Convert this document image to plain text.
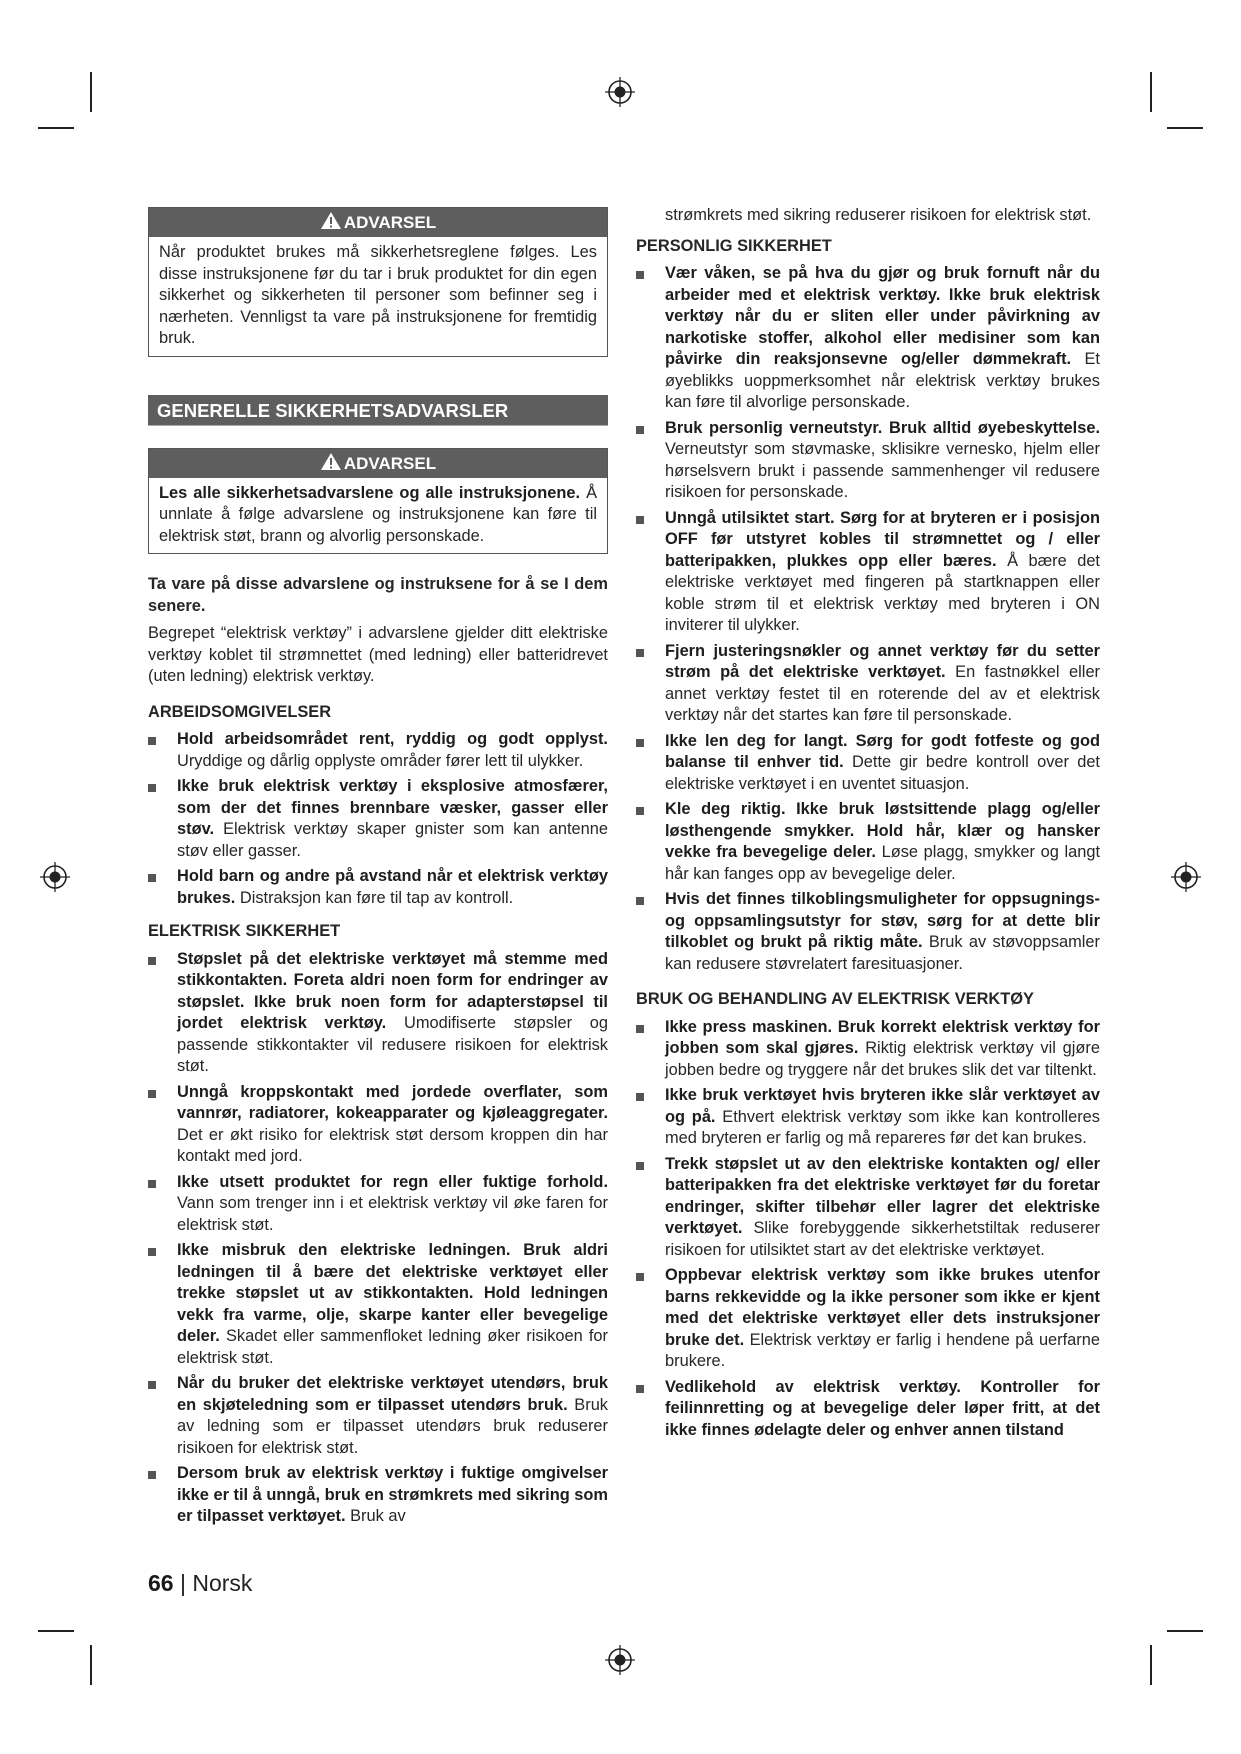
ADVARSEL
Når produktet brukes må sikkerhetsreglene følges. Les disse instruksjonene før du tar i bruk produktet for din egen sikkerhet og sikkerheten til personer som befinner seg i nærheten. Vennligst ta vare på instruksjonene for fremtidig bruk.
GENERELLE SIKKERHETSADVARSLER
ADVARSEL
Les alle sikkerhetsadvarslene og alle instruksjonene. Å unnlate å følge advarslene og instruksjonene kan føre til elektrisk støt, brann og alvorlig personskade.

Ta vare på disse advarslene og instruksene for å se I dem senere.

Begrepet “elektrisk verktøy” i advarslene gjelder ditt elektriske verktøy koblet til strømnettet (med ledning) eller batteridrevet (uten ledning) elektrisk verktøy.

ARBEIDSOMGIVELSER

Hold arbeidsområdet rent, ryddig og godt opplyst. Uryddige og dårlig opplyste områder fører lett til ulykker.
Ikke bruk elektrisk verktøy i eksplosive atmosfærer, som der det finnes brennbare væsker, gasser eller støv. Elektrisk verktøy skaper gnister som kan antenne støv eller gasser.
Hold barn og andre på avstand når et elektrisk verktøy brukes. Distraksjon kan føre til tap av kontroll.

ELEKTRISK SIKKERHET

Støpslet på det elektriske verktøyet må stemme med stikkontakten. Foreta aldri noen form for endringer av støpslet. Ikke bruk noen form for adapterstøpsel til jordet elektrisk verktøy. Umodifiserte støpsler og passende stikkontakter vil redusere risikoen for elektrisk støt.
Unngå kroppskontakt med jordede overflater, som vannrør, radiatorer, kokeapparater og kjøleaggregater. Det er økt risiko for elektrisk støt dersom kroppen din har kontakt med jord.
Ikke utsett produktet for regn eller fuktige forhold. Vann som trenger inn i et elektrisk verktøy vil øke faren for elektrisk støt.
Ikke misbruk den elektriske ledningen. Bruk aldri ledningen til å bære det elektriske verktøyet eller trekke støpslet ut av stikkontakten. Hold ledningen vekk fra varme, olje, skarpe kanter eller bevegelige deler. Skadet eller sammenfloket ledning øker risikoen for elektrisk støt.
Når du bruker det elektriske verktøyet utendørs, bruk en skjøteledning som er tilpasset utendørs bruk. Bruk av ledning som er tilpasset utendørs bruk reduserer risikoen for elektrisk støt.
Dersom bruk av elektrisk verktøy i fuktige omgivelser ikke er til å unngå, bruk en strømkrets med sikring som er tilpasset verktøyet. Bruk av

strømkrets med sikring reduserer risikoen for elektrisk støt.

PERSONLIG SIKKERHET

Vær våken, se på hva du gjør og bruk fornuft når du arbeider med et elektrisk verktøy. Ikke bruk elektrisk verktøy når du er sliten eller under påvirkning av narkotiske stoffer, alkohol eller medisiner som kan påvirke din reaksjonsevne og/eller dømmekraft. Et øyeblikks uoppmerksomhet når elektrisk verktøy brukes kan føre til alvorlige personskade.
Bruk personlig verneutstyr. Bruk alltid øyebeskyttelse. Verneutstyr som støvmaske, sklisikre vernesko, hjelm eller hørselsvern brukt i passende sammenhenger vil redusere risikoen for personskade.
Unngå utilsiktet start. Sørg for at bryteren er i posisjon OFF før utstyret kobles til strømnettet og / eller batteripakken, plukkes opp eller bæres. Å bære det elektriske verktøyet med fingeren på startknappen eller koble strøm til et elektrisk verktøy med bryteren i ON inviterer til ulykker.
Fjern justeringsnøkler og annet verktøy før du setter strøm på det elektriske verktøyet. En fastnøkkel eller annet verktøy festet til en roterende del av et elektrisk verktøy når det startes kan føre til personskade.
Ikke len deg for langt. Sørg for godt fotfeste og god balanse til enhver tid. Dette gir bedre kontroll over det elektriske verktøyet i en uventet situasjon.
Kle deg riktig. Ikke bruk løstsittende plagg og/eller løsthengende smykker. Hold hår, klær og hansker vekke fra bevegelige deler. Løse plagg, smykker og langt hår kan fanges opp av bevegelige deler.
Hvis det finnes tilkoblingsmuligheter for oppsugnings- og oppsamlingsutstyr for støv, sørg for at dette blir tilkoblet og brukt på riktig måte. Bruk av støvoppsamler kan redusere støvrelatert faresituasjoner.

BRUK OG BEHANDLING AV ELEKTRISK VERKTØY

Ikke press maskinen. Bruk korrekt elektrisk verktøy for jobben som skal gjøres. Riktig elektrisk verktøy vil gjøre jobben bedre og tryggere når det brukes slik det var tiltenkt.
Ikke bruk verktøyet hvis bryteren ikke slår verktøyet av og på. Ethvert elektrisk verktøy som ikke kan kontrolleres med bryteren er farlig og må repareres før det kan brukes.
Trekk støpslet ut av den elektriske kontakten og/ eller batteripakken fra det elektriske verktøyet før du foretar endringer, skifter tilbehør eller lagrer det elektriske verktøyet. Slike forebyggende sikkerhetstiltak reduserer risikoen for utilsiktet start av det elektriske verktøyet.
Oppbevar elektrisk verktøy som ikke brukes utenfor barns rekkevidde og la ikke personer som ikke er kjent med det elektriske verktøyet eller dets instruksjoner bruke det. Elektrisk verktøy er farlig i hendene på uerfarne brukere.
Vedlikehold av elektrisk verktøy. Kontroller for feilinnretting og at bevegelige deler løper fritt, at det ikke finnes ødelagte deler og enhver annen tilstand
66 | Norsk
